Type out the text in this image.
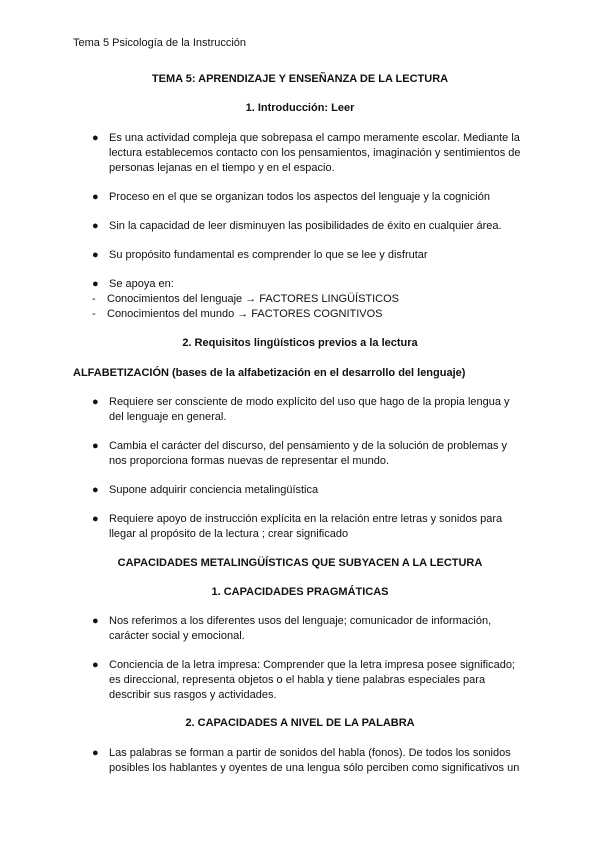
Tema 5 Psicología de la Instrucción
TEMA 5: APRENDIZAJE Y ENSEÑANZA DE LA LECTURA
1. Introducción: Leer
● Es una actividad compleja que sobrepasa el campo meramente escolar. Mediante la
lectura establecemos contacto con los pensamientos, imaginación y sentimientos de
personas lejanas en el tiempo y en el espacio.
● Proceso en el que se organizan todos los aspectos del lenguaje y la cognición
● Sin la capacidad de leer disminuyen las posibilidades de éxito en cualquier área.
● Su propósito fundamental es comprender lo que se lee y disfrutar
● Se apoya en:
- Conocimientos del lenguaje → FACTORES LINGÜÍSTICOS
- Conocimientos del mundo → FACTORES COGNITIVOS
2. Requisitos lingüísticos previos a la lectura
ALFABETIZACIÓN (bases de la alfabetización en el desarrollo del lenguaje)
● Requiere ser consciente de modo explícito del uso que hago de la propia lengua y
del lenguaje en general.
● Cambia el carácter del discurso, del pensamiento y de la solución de problemas y
nos proporciona formas nuevas de representar el mundo.
● Supone adquirir conciencia metalingüística
● Requiere apoyo de instrucción explícita en la relación entre letras y sonidos para
llegar al propósito de la lectura ; crear significado
CAPACIDADES METALINGÜÍSTICAS QUE SUBYACEN A LA LECTURA
1. CAPACIDADES PRAGMÁTICAS
● Nos referimos a los diferentes usos del lenguaje; comunicador de información,
carácter social y emocional.
● Conciencia de la letra impresa: Comprender que la letra impresa posee significado;
es direccional, representa objetos o el habla y tiene palabras especiales para
describir sus rasgos y actividades.
2. CAPACIDADES A NIVEL DE LA PALABRA
● Las palabras se forman a partir de sonidos del habla (fonos). De todos los sonidos
posibles los hablantes y oyentes de una lengua sólo perciben como significativos un
